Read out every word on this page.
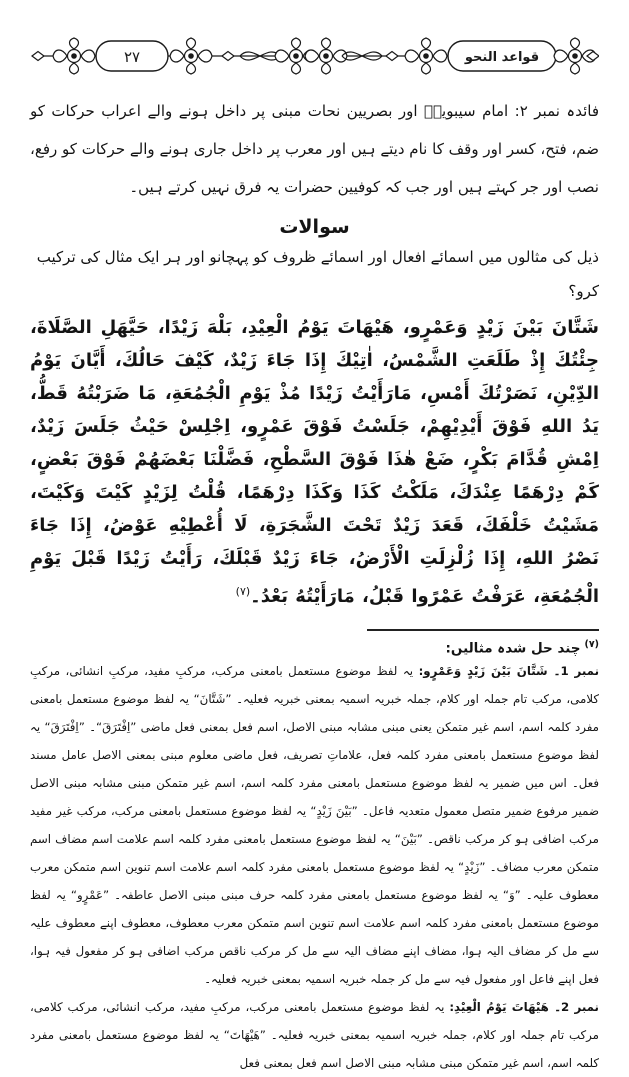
۲۷	قواعد النحو

فائدہ نمبر ۲: امام سیبویہؒ اور بصریین نحات مبنی پر داخل ہونے والے اعراب حرکات کو ضم، فتح، کسر اور وقف کا نام دیتے ہیں اور معرب پر داخل جاری ہونے والے حرکات کو رفع، نصب اور جر کہتے ہیں اور جب کہ کوفیین حضرات یہ فرق نہیں کرتے ہیں۔

سوالات

ذیل کی مثالوں میں اسمائے افعال اور اسمائے ظروف کو پہچانو اور ہر ایک مثال کی ترکیب کرو؟

شَتَّانَ بَيْنَ زَيْدٍ وَعَمْرٍو، هَيْهَاتَ يَوْمُ الْعِيْدِ، بَلْهَ زَيْدًا، حَيَّهَلِ الصَّلَاةَ، جِئْتُكَ إِذْ طَلَعَتِ الشَّمْسُ، اٰتِيْكَ إِذَا جَاءَ زَيْدٌ، كَيْفَ حَالُكَ، أَيَّانَ يَوْمُ الدِّيْنِ، نَصَرْتُكَ أَمْسِ، مَارَأَيْتُ زَيْدًا مُذْ يَوْمِ الْجُمُعَةِ، مَا ضَرَبْتُهُ قَطُّ، يَدُ اللهِ فَوْقَ أَيْدِيْهِمْ، جَلَسْتُ فَوْقَ عَمْرٍو، اِجْلِسْ حَيْثُ جَلَسَ زَيْدٌ، اِمْشِ قُدَّامَ بَكْرٍ، ضَعْ هٰذَا فَوْقَ السَّطْحِ، فَضَّلْنَا بَعْضَهُمْ فَوْقَ بَعْضٍ، كَمْ دِرْهَمًا عِنْدَكَ، مَلَكْتُ كَذَا وَكَذَا دِرْهَمًا، قُلْتُ لِزَيْدٍ كَيْتَ وَكَيْتَ، مَشَيْتُ خَلْفَكَ، قَعَدَ زَيْدٌ تَحْتَ الشَّجَرَةِ، لَا أُعْطِيْهِ عَوْضُ، إِذَا جَاءَ نَصْرُ اللهِ، إِذَا زُلْزِلَتِ الْأَرْضُ، جَاءَ زَيْدٌ قَبْلَكَ، رَأَيْتُ زَيْدًا قَبْلَ يَوْمِ الْجُمُعَةِ، عَرَفْتُ عَمْرًوا قَبْلُ، مَارَأَيْتُهُ بَعْدُ۔$^{(۷)}$

$^{(۷)}$چند حل شدہ مثالیں:

نمبر 1۔ شَتَّانَ بَيْنَ زَيْدٍ وَعَمْرٍو: یہ لفظ موضوع مستعمل بامعنی مرکب، مرکبِ مفید، مرکبِ انشائی، مرکبِ کلامی، مرکب تام جملہ اور کلام، جملہ خبریہ اسمیہ بمعنی خبریہ فعلیہ۔ ”شَتَّانَ“ یہ لفظ موضوع مستعمل بامعنی مفرد کلمہ اسم، اسم غیر متمکن یعنی مبنی مشابہ مبنی الاصل، اسم فعل بمعنی فعل ماضی ”اِفْتَرَقَ“۔ ”اِفْتَرَقَ“ یہ لفظ موضوع مستعمل بامعنی مفرد کلمہ فعل، علاماتِ تصریف، فعل ماضی معلوم مبنی بمعنی الاصل عامل مسند فعل۔ اس میں ضمیر یہ لفظ موضوع مستعمل بامعنی مفرد کلمہ اسم، اسم غیر متمکن مبنی مشابہ مبنی الاصل ضمیر مرفوع ضمیر متصل معمول متعدیہ فاعل۔ ”بَيْنَ زَيْدٍ“ یہ لفظ موضوع مستعمل بامعنی مرکب، مرکب غیر مفید مرکب اضافی ہو کر مرکب ناقص۔ ”بَيْنَ“ یہ لفظ موضوع مستعمل بامعنی مفرد کلمہ اسم علامت اسم مضاف اسم متمکن معرب مضاف۔ ”زَيْدٍ“ یہ لفظ موضوع مستعمل بامعنی مفرد کلمہ اسم علامت اسم تنوین اسم متمکن معرب معطوف علیہ۔ ”وَ“ یہ لفظ موضوع مستعمل بامعنی مفرد کلمہ حرف مبنی مبنی الاصل عاطفہ۔ ”عَمْرٍو“ یہ لفظ موضوع مستعمل بامعنی مفرد کلمہ اسم علامت اسم تنوین اسم متمکن معرب معطوف، معطوف اپنے معطوف علیہ سے مل کر مضاف الیہ ہوا، مضاف اپنے مضاف الیہ سے مل کر مرکب ناقص مرکب اضافی ہو کر مفعول فیہ ہوا، فعل اپنے فاعل اور مفعول فیہ سے مل کر جملہ خبریہ اسمیہ بمعنی خبریہ فعلیہ۔

نمبر 2۔ هَيْهَاتَ يَوْمُ الْعِيْدِ: یہ لفظ موضوع مستعمل بامعنی مرکب، مرکبِ مفید، مرکب انشائی، مرکب کلامی، مرکب تام جملہ اور کلام، جملہ خبریہ اسمیہ بمعنی خبریہ فعلیہ۔ ”هَيْهَاتَ“ یہ لفظ موضوع مستعمل بامعنی مفرد کلمہ اسم، اسم غیر متمکن مبنی مشابہ مبنی الاصل اسم فعل بمعنی فعل
